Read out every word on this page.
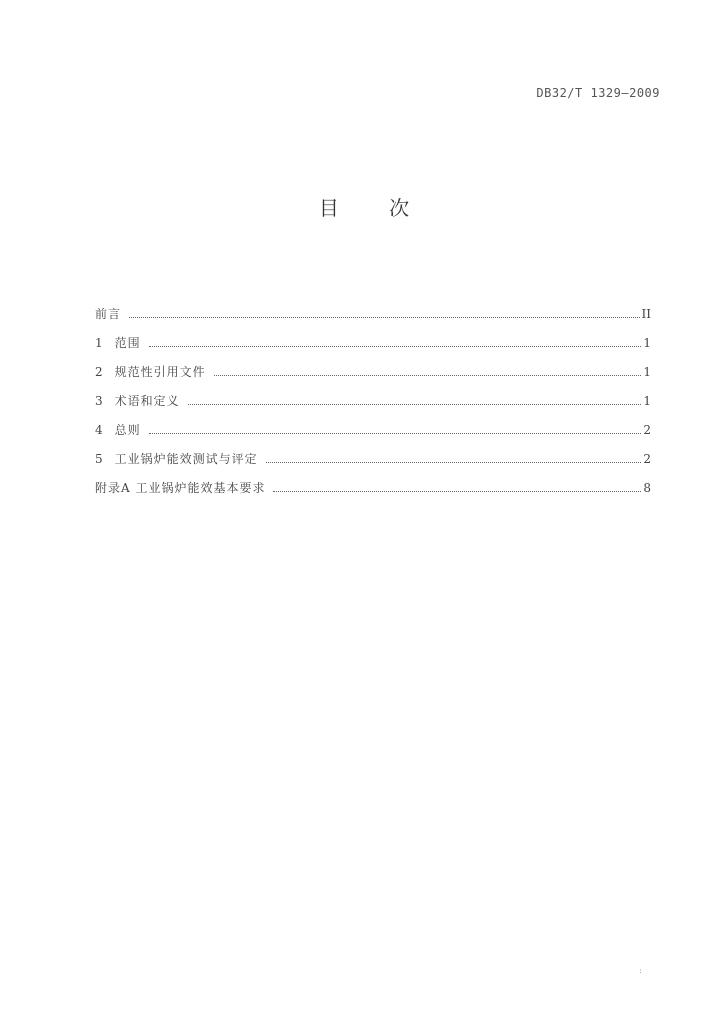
DB32/T 1329—2009
目 次
前言	II
1 范围	1
2 规范性引用文件	1
3 术语和定义	1
4 总则	2
5 工业锅炉能效测试与评定	2
附录A 工业锅炉能效基本要求	8
:
